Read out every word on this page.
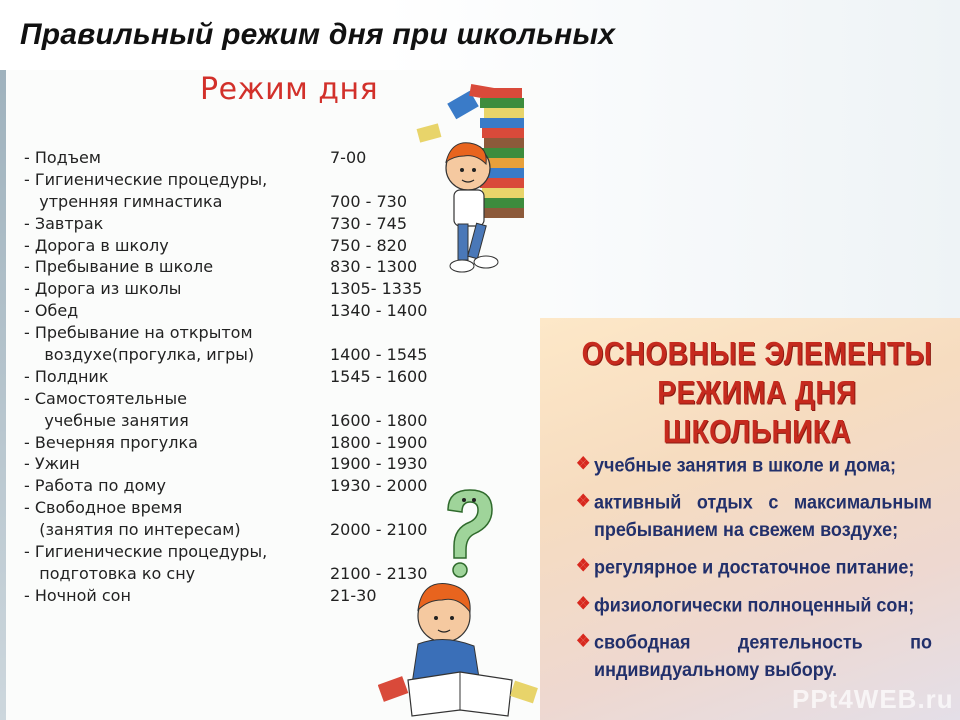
Правильный режим дня при школьных
Режим дня
- Подъем	7-00
- Гигиенические процедуры,
утренняя гимнастика	700 - 730
- Завтрак	730 - 745
- Дорога в школу	750 - 820
- Пребывание в школе	830 - 1300
- Дорога из школы	1305- 1335
- Обед	1340 - 1400
- Пребывание на открытом
воздухе(прогулка, игры)	1400 - 1545
- Полдник	1545 - 1600
- Самостоятельные
учебные занятия	1600 - 1800
- Вечерняя прогулка	1800 - 1900
- Ужин	1900 - 1930
- Работа по дому	1930 - 2000
- Свободное время
(занятия по интересам)	2000 - 2100
- Гигиенические процедуры,
подготовка ко сну	2100 - 2130
- Ночной сон	21-30
ОСНОВНЫЕ ЭЛЕМЕНТЫ РЕЖИМА ДНЯ ШКОЛЬНИКА
❖ учебные занятия в школе и дома;
❖ активный отдых с максимальным пребыванием на свежем воздухе;
❖ регулярное и достаточное питание;
❖ физиологически полноценный сон;
❖ свободная деятельность по индивидуальному выбору.
PPt4WEB.ru
